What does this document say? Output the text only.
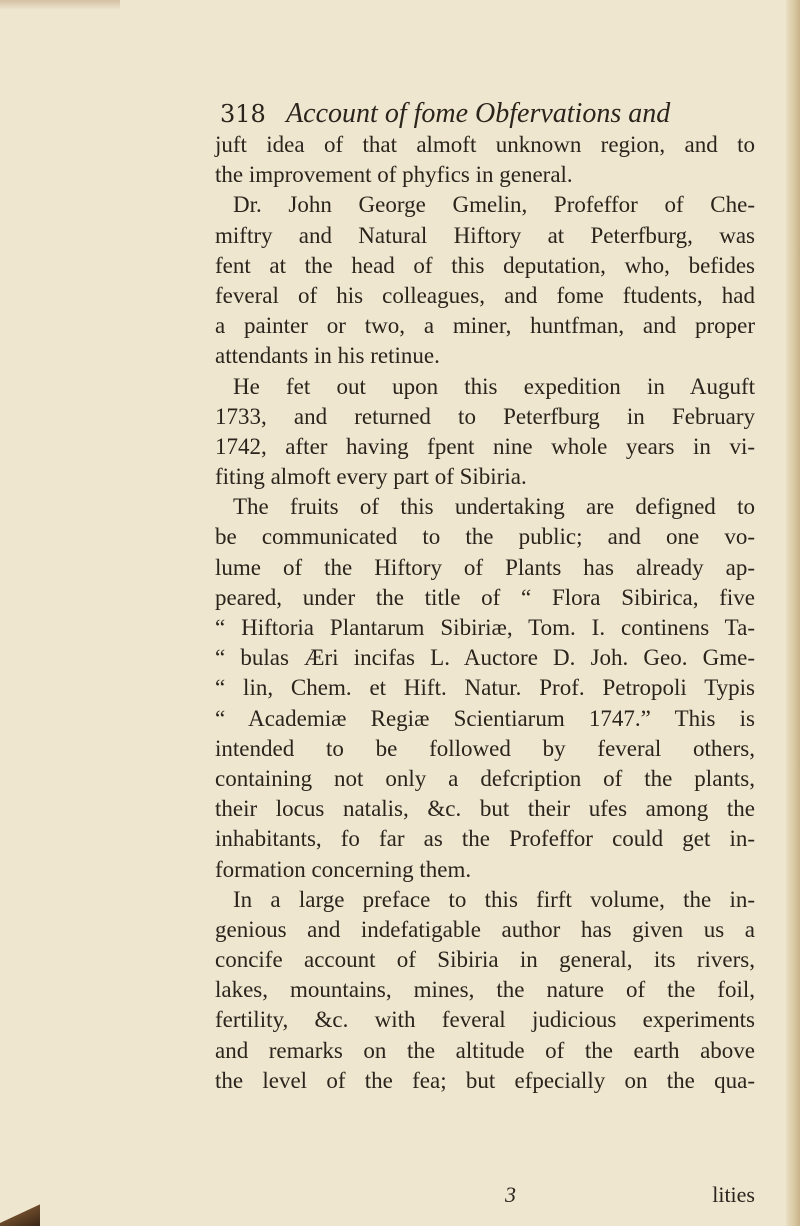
318 Account of fome Obfervations and
juft idea of that almoft unknown region, and to
the improvement of phyfics in general.
Dr. John George Gmelin, Profeffor of Che-
miftry and Natural Hiftory at Peterfburg, was
fent at the head of this deputation, who, befides
feveral of his colleagues, and fome ftudents, had
a painter or two, a miner, huntfman, and proper
attendants in his retinue.
He fet out upon this expedition in Auguft
1733, and returned to Peterfburg in February
1742, after having fpent nine whole years in vi-
fiting almoft every part of Sibiria.
The fruits of this undertaking are defigned to
be communicated to the public; and one vo-
lume of the Hiftory of Plants has already ap-
peared, under the title of “ Flora Sibirica, five
“ Hiftoria Plantarum Sibiriæ, Tom. I. continens Ta-
“ bulas Æri incifas L. Auctore D. Joh. Geo. Gme-
“ lin, Chem. et Hift. Natur. Prof. Petropoli Typis
“ Academiæ Regiæ Scientiarum 1747.” This is
intended to be followed by feveral others,
containing not only a defcription of the plants,
their locus natalis, &c. but their ufes among the
inhabitants, fo far as the Profeffor could get in-
formation concerning them.
In a large preface to this firft volume, the in-
genious and indefatigable author has given us a
concife account of Sibiria in general, its rivers,
lakes, mountains, mines, the nature of the foil,
fertility, &c. with feveral judicious experiments
and remarks on the altitude of the earth above
the level of the fea; but efpecially on the qua-
3	lities
